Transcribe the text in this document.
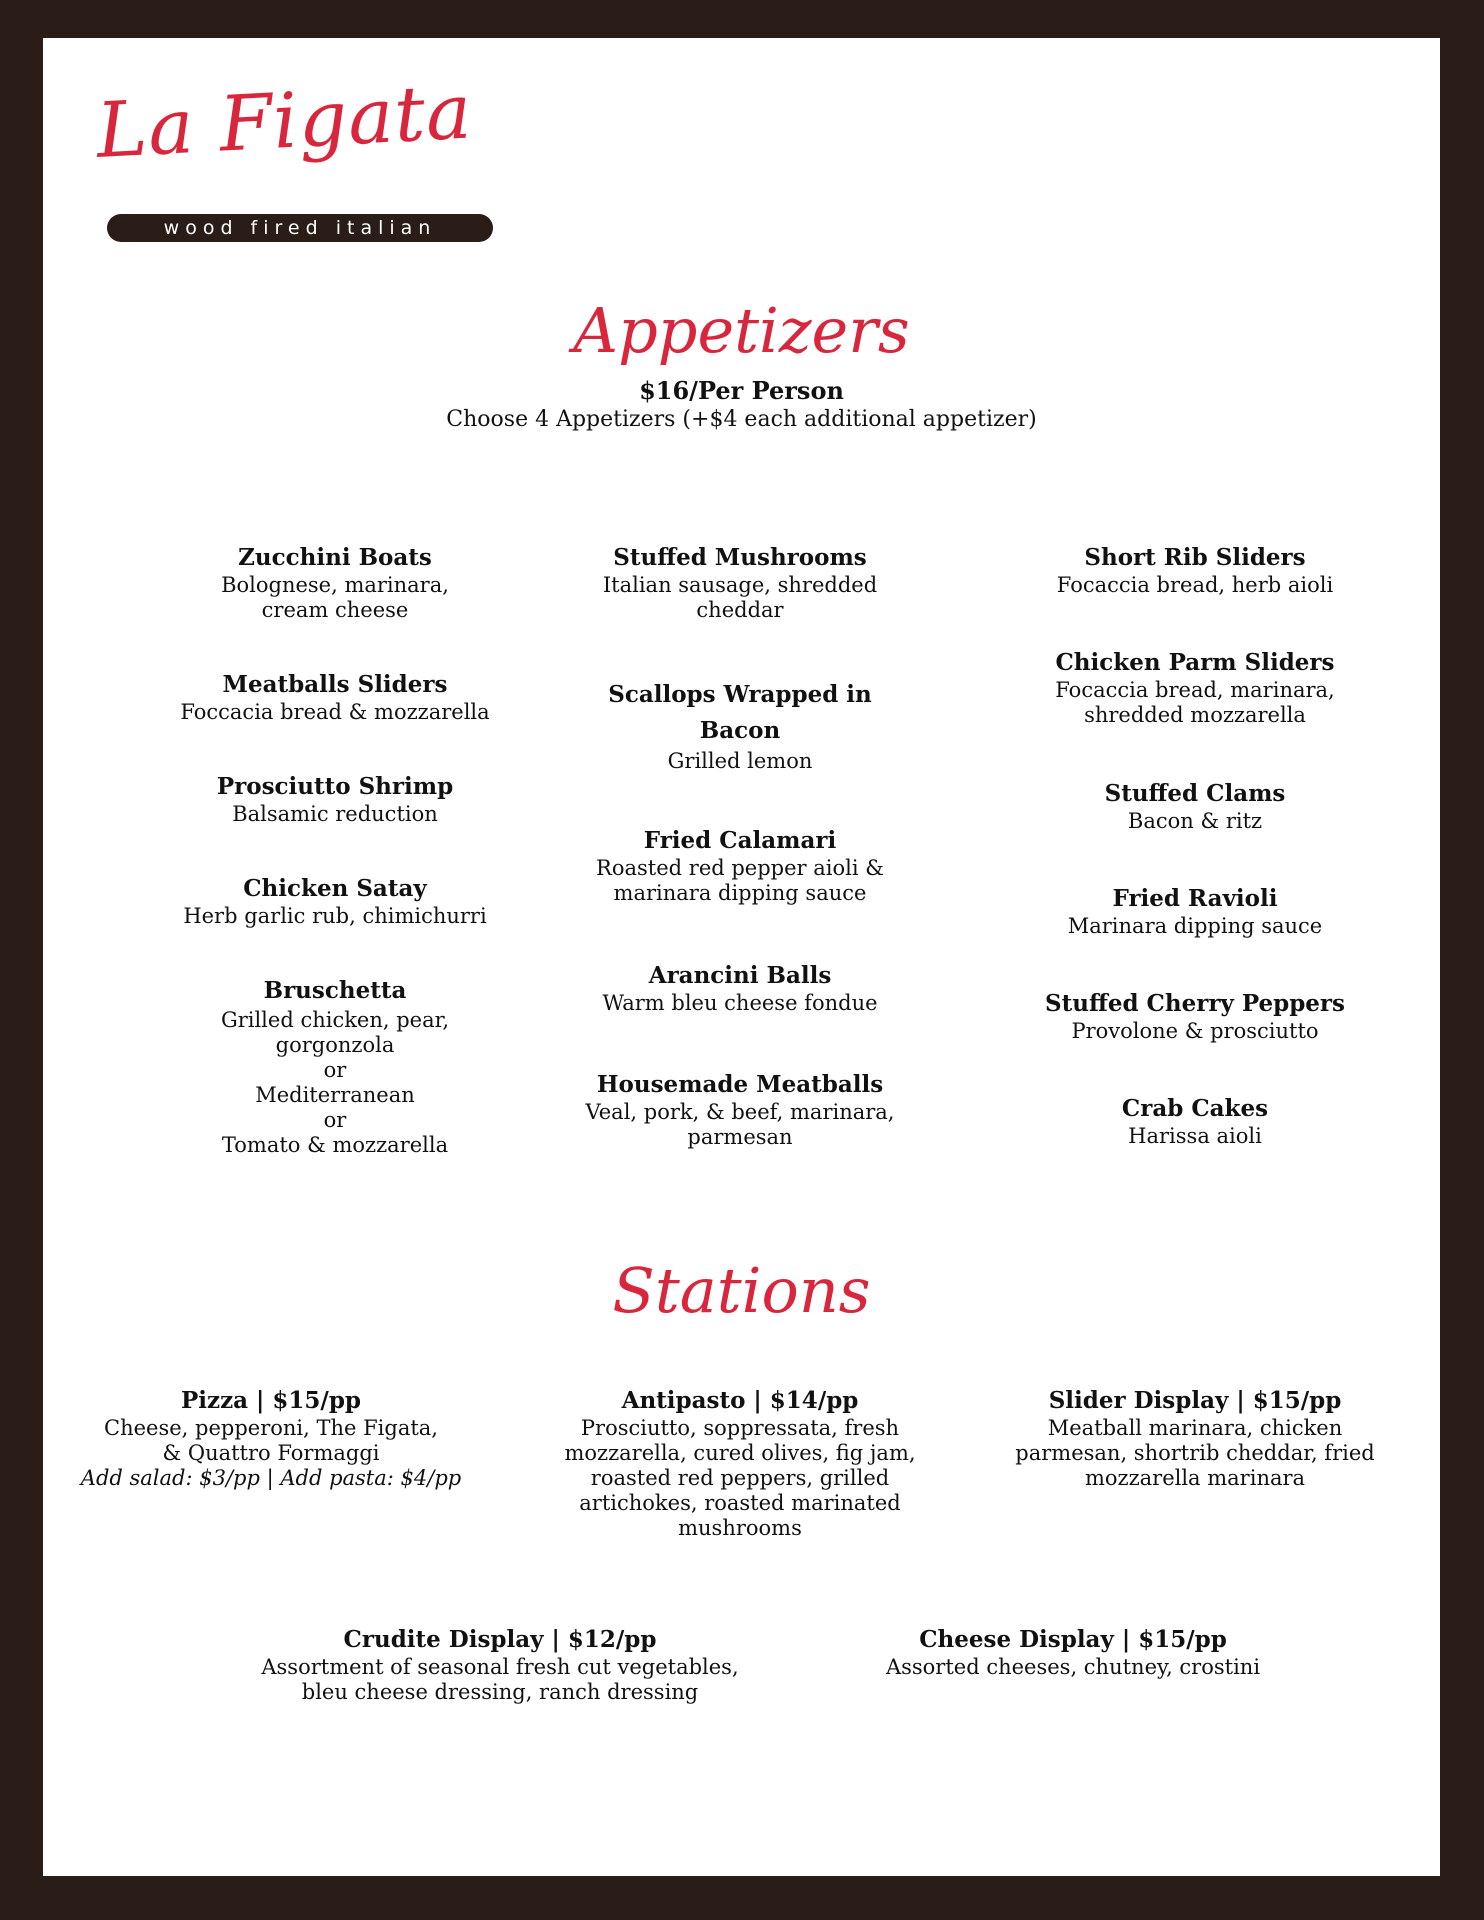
La Figata
wood fired italian
Appetizers
$16/Per Person
Choose 4 Appetizers (+$4 each additional appetizer)
Zucchini Boats
Bolognese, marinara,
cream cheese
Meatballs Sliders
Foccacia bread & mozzarella
Prosciutto Shrimp
Balsamic reduction
Chicken Satay
Herb garlic rub, chimichurri
Bruschetta
Grilled chicken, pear,
gorgonzola
or
Mediterranean
or
Tomato & mozzarella
Stuffed Mushrooms
Italian sausage, shredded
cheddar
Scallops Wrapped in
Bacon
Grilled lemon
Fried Calamari
Roasted red pepper aioli &
marinara dipping sauce
Arancini Balls
Warm bleu cheese fondue
Housemade Meatballs
Veal, pork, & beef, marinara,
parmesan
Short Rib Sliders
Focaccia bread, herb aioli
Chicken Parm Sliders
Focaccia bread, marinara,
shredded mozzarella
Stuffed Clams
Bacon & ritz
Fried Ravioli
Marinara dipping sauce
Stuffed Cherry Peppers
Provolone & prosciutto
Crab Cakes
Harissa aioli
Stations
Pizza | $15/pp
Cheese, pepperoni, The Figata,
& Quattro Formaggi
Add salad: $3/pp | Add pasta: $4/pp
Antipasto | $14/pp
Prosciutto, soppressata, fresh
mozzarella, cured olives, fig jam,
roasted red peppers, grilled
artichokes, roasted marinated
mushrooms
Slider Display | $15/pp
Meatball marinara, chicken
parmesan, shortrib cheddar, fried
mozzarella marinara
Crudite Display | $12/pp
Assortment of seasonal fresh cut vegetables,
bleu cheese dressing, ranch dressing
Cheese Display | $15/pp
Assorted cheeses, chutney, crostini
